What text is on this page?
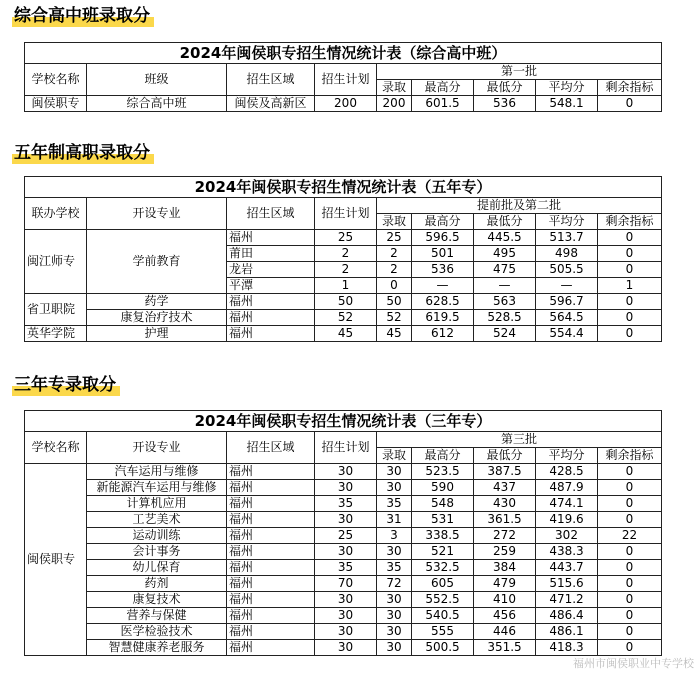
综合高中班录取分
五年制高职录取分
三年专录取分
2024年闽侯职专招生情况统计表（综合高中班）								
学校名称	班级	招生区域	招生计划	第一批				
				录取	最高分	最低分	平均分	剩余指标
闽侯职专	综合高中班	闽侯及高新区	200	200	601.5	536	548.1	0
2024年闽侯职专招生情况统计表（五年专）								
联办学校	开设专业	招生区域	招生计划	提前批及第二批				
				录取	最高分	最低分	平均分	剩余指标
闽江师专	学前教育	福州	25	25	596.5	445.5	513.7	0
		莆田	2	2	501	495	498	0
		龙岩	2	2	536	475	505.5	0
		平潭	1	0	—	—	—	1
省卫职院	药学	福州	50	50	628.5	563	596.7	0
	康复治疗技术	福州	52	52	619.5	528.5	564.5	0
英华学院	护理	福州	45	45	612	524	554.4	0
2024年闽侯职专招生情况统计表（三年专）								
学校名称	开设专业	招生区域	招生计划	第三批				
				录取	最高分	最低分	平均分	剩余指标
闽侯职专	汽车运用与维修	福州	30	30	523.5	387.5	428.5	0
	新能源汽车运用与维修	福州	30	30	590	437	487.9	0
	计算机应用	福州	35	35	548	430	474.1	0
	工艺美术	福州	30	31	531	361.5	419.6	0
	运动训练	福州	25	3	338.5	272	302	22
	会计事务	福州	30	30	521	259	438.3	0
	幼儿保育	福州	35	35	532.5	384	443.7	0
	药剂	福州	70	72	605	479	515.6	0
	康复技术	福州	30	30	552.5	410	471.2	0
	营养与保健	福州	30	30	540.5	456	486.4	0
	医学检验技术	福州	30	30	555	446	486.1	0
	智慧健康养老服务	福州	30	30	500.5	351.5	418.3	0
福州市闽侯职业中专学校
